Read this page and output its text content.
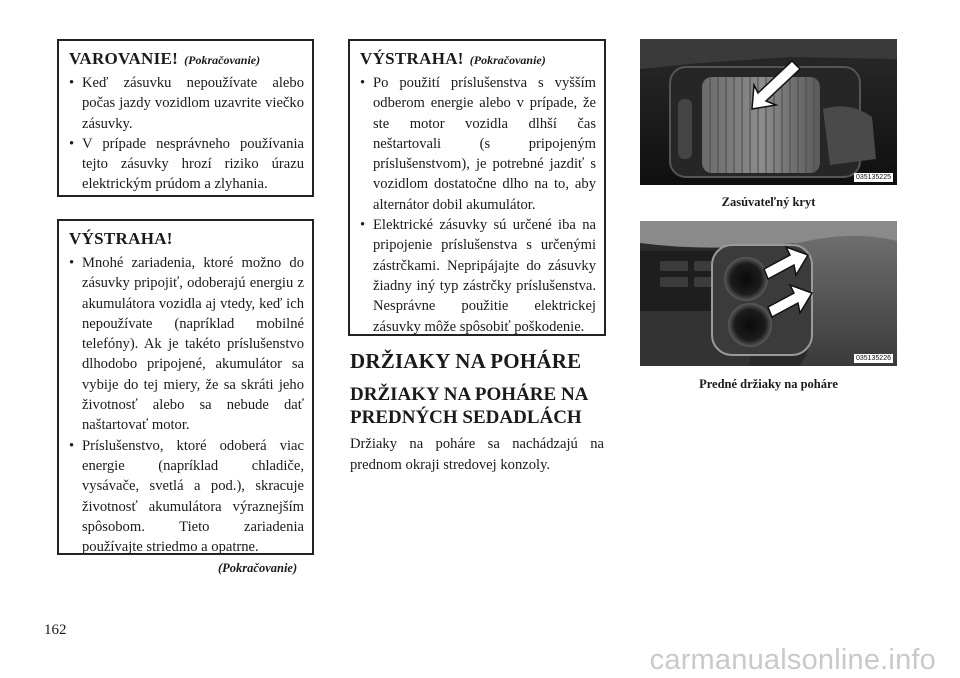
VAROVANIE! (Pokračovanie)
• Keď zásuvku nepoužívate alebo počas jazdy vozidlom uzavrite viečko zásuvky.
• V prípade nesprávneho používania tejto zásuvky hrozí riziko úrazu elektrickým prúdom a zlyhania.
VÝSTRAHA!
• Mnohé zariadenia, ktoré možno do zásuvky pripojiť, odoberajú energiu z akumulátora vozidla aj vtedy, keď ich nepoužívate (napríklad mobilné telefóny). Ak je takéto príslušenstvo dlhodobo pripojené, akumulátor sa vybije do tej miery, že sa skráti jeho životnosť alebo sa nebude dať naštartovať motor.
• Príslušenstvo, ktoré odoberá viac energie (napríklad chladiče, vysávače, svetlá a pod.), skracuje životnosť akumulátora výraznejším spôsobom. Tieto zariadenia používajte striedmo a opatrne.
(Pokračovanie)
VÝSTRAHA! (Pokračovanie)
• Po použití príslušenstva s vyšším odberom energie alebo v prípade, že ste motor vozidla dlhší čas neštartovali (s pripojeným príslušenstvom), je potrebné jazdiť s vozidlom dostatočne dlho na to, aby alternátor dobil akumulátor.
• Elektrické zásuvky sú určené iba na pripojenie príslušenstva s určenými zástrčkami. Nepripájajte do zásuvky žiadny iný typ zástrčky príslušenstva. Nesprávne použitie elektrickej zásuvky môže spôsobiť poškodenie.
DRŽIAKY NA POHÁRE
DRŽIAKY NA POHÁRE NA
PREDNÝCH SEDADLÁCH

Držiaky na poháre sa nachádzajú na prednom okraji stredovej konzoly.

035135225
Zasúvateľný kryt
035135226
Predné držiaky na poháre
162
carmanualsonline.info
